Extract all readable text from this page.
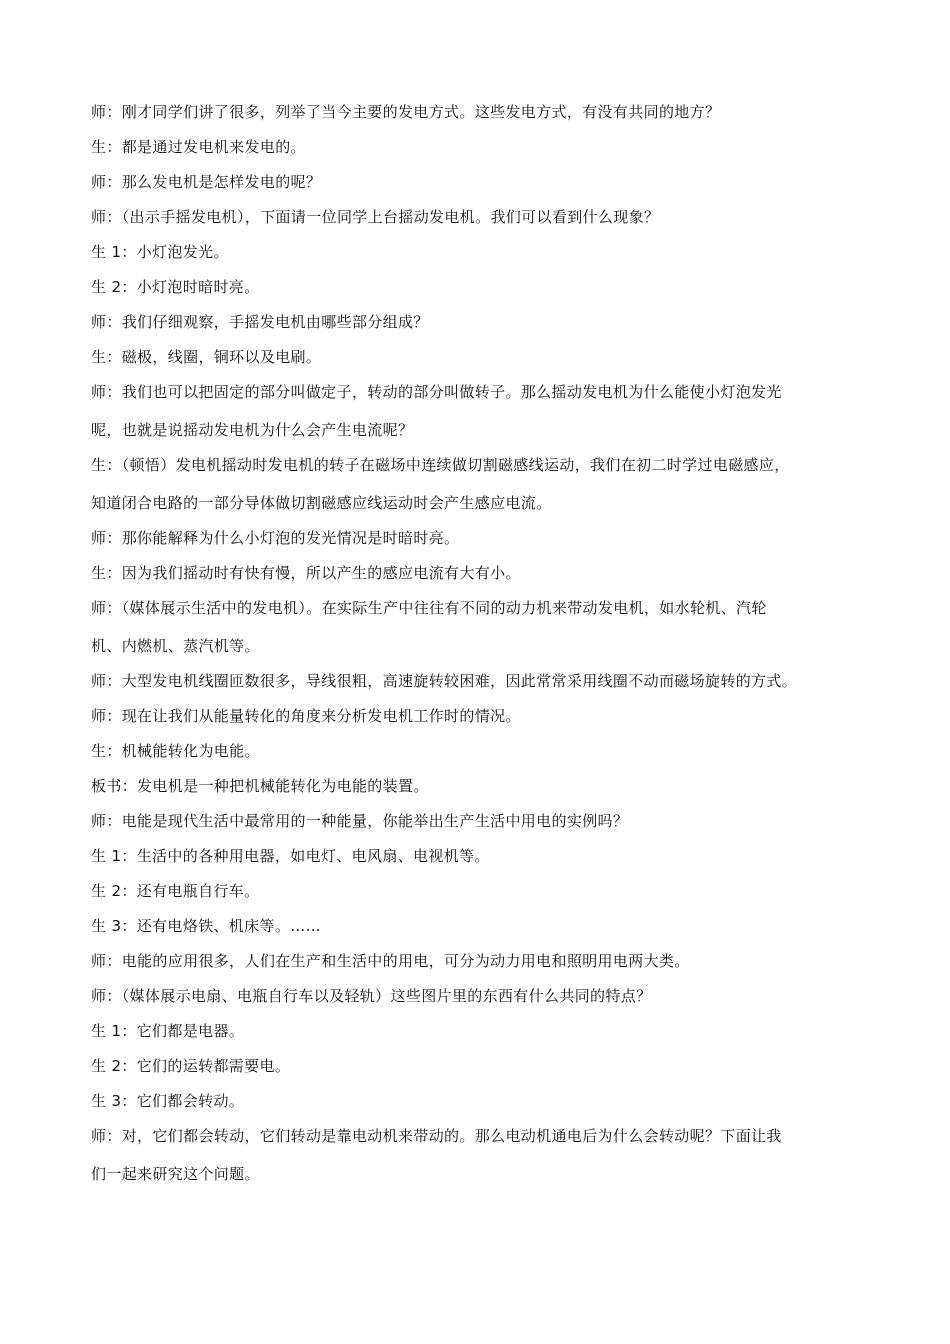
师：刚才同学们讲了很多，列举了当今主要的发电方式。这些发电方式，有没有共同的地方？
生：都是通过发电机来发电的。
师：那么发电机是怎样发电的呢？
师：（出示手摇发电机），下面请一位同学上台摇动发电机。我们可以看到什么现象？
生 1：小灯泡发光。
生 2：小灯泡时暗时亮。
师：我们仔细观察，手摇发电机由哪些部分组成？
生：磁极，线圈，铜环以及电刷。
师：我们也可以把固定的部分叫做定子，转动的部分叫做转子。那么摇动发电机为什么能使小灯泡发光
呢，也就是说摇动发电机为什么会产生电流呢？
生：（顿悟）发电机摇动时发电机的转子在磁场中连续做切割磁感线运动，我们在初二时学过电磁感应，
知道闭合电路的一部分导体做切割磁感应线运动时会产生感应电流。
师：那你能解释为什么小灯泡的发光情况是时暗时亮。
生：因为我们摇动时有快有慢，所以产生的感应电流有大有小。
师：（媒体展示生活中的发电机）。在实际生产中往往有不同的动力机来带动发电机，如水轮机、汽轮
机、内燃机、蒸汽机等。
师：大型发电机线圈匝数很多，导线很粗，高速旋转较困难，因此常常采用线圈不动而磁场旋转的方式。
师：现在让我们从能量转化的角度来分析发电机工作时的情况。
生：机械能转化为电能。
板书：发电机是一种把机械能转化为电能的装置。
师：电能是现代生活中最常用的一种能量，你能举出生产生活中用电的实例吗？
生 1：生活中的各种用电器，如电灯、电风扇、电视机等。
生 2：还有电瓶自行车。
生 3：还有电烙铁、机床等。……
师：电能的应用很多，人们在生产和生活中的用电，可分为动力用电和照明用电两大类。
师：（媒体展示电扇、电瓶自行车以及轻轨）这些图片里的东西有什么共同的特点？
生 1：它们都是电器。
生 2：它们的运转都需要电。
生 3：它们都会转动。
师：对，它们都会转动，它们转动是靠电动机来带动的。那么电动机通电后为什么会转动呢？下面让我
们一起来研究这个问题。
